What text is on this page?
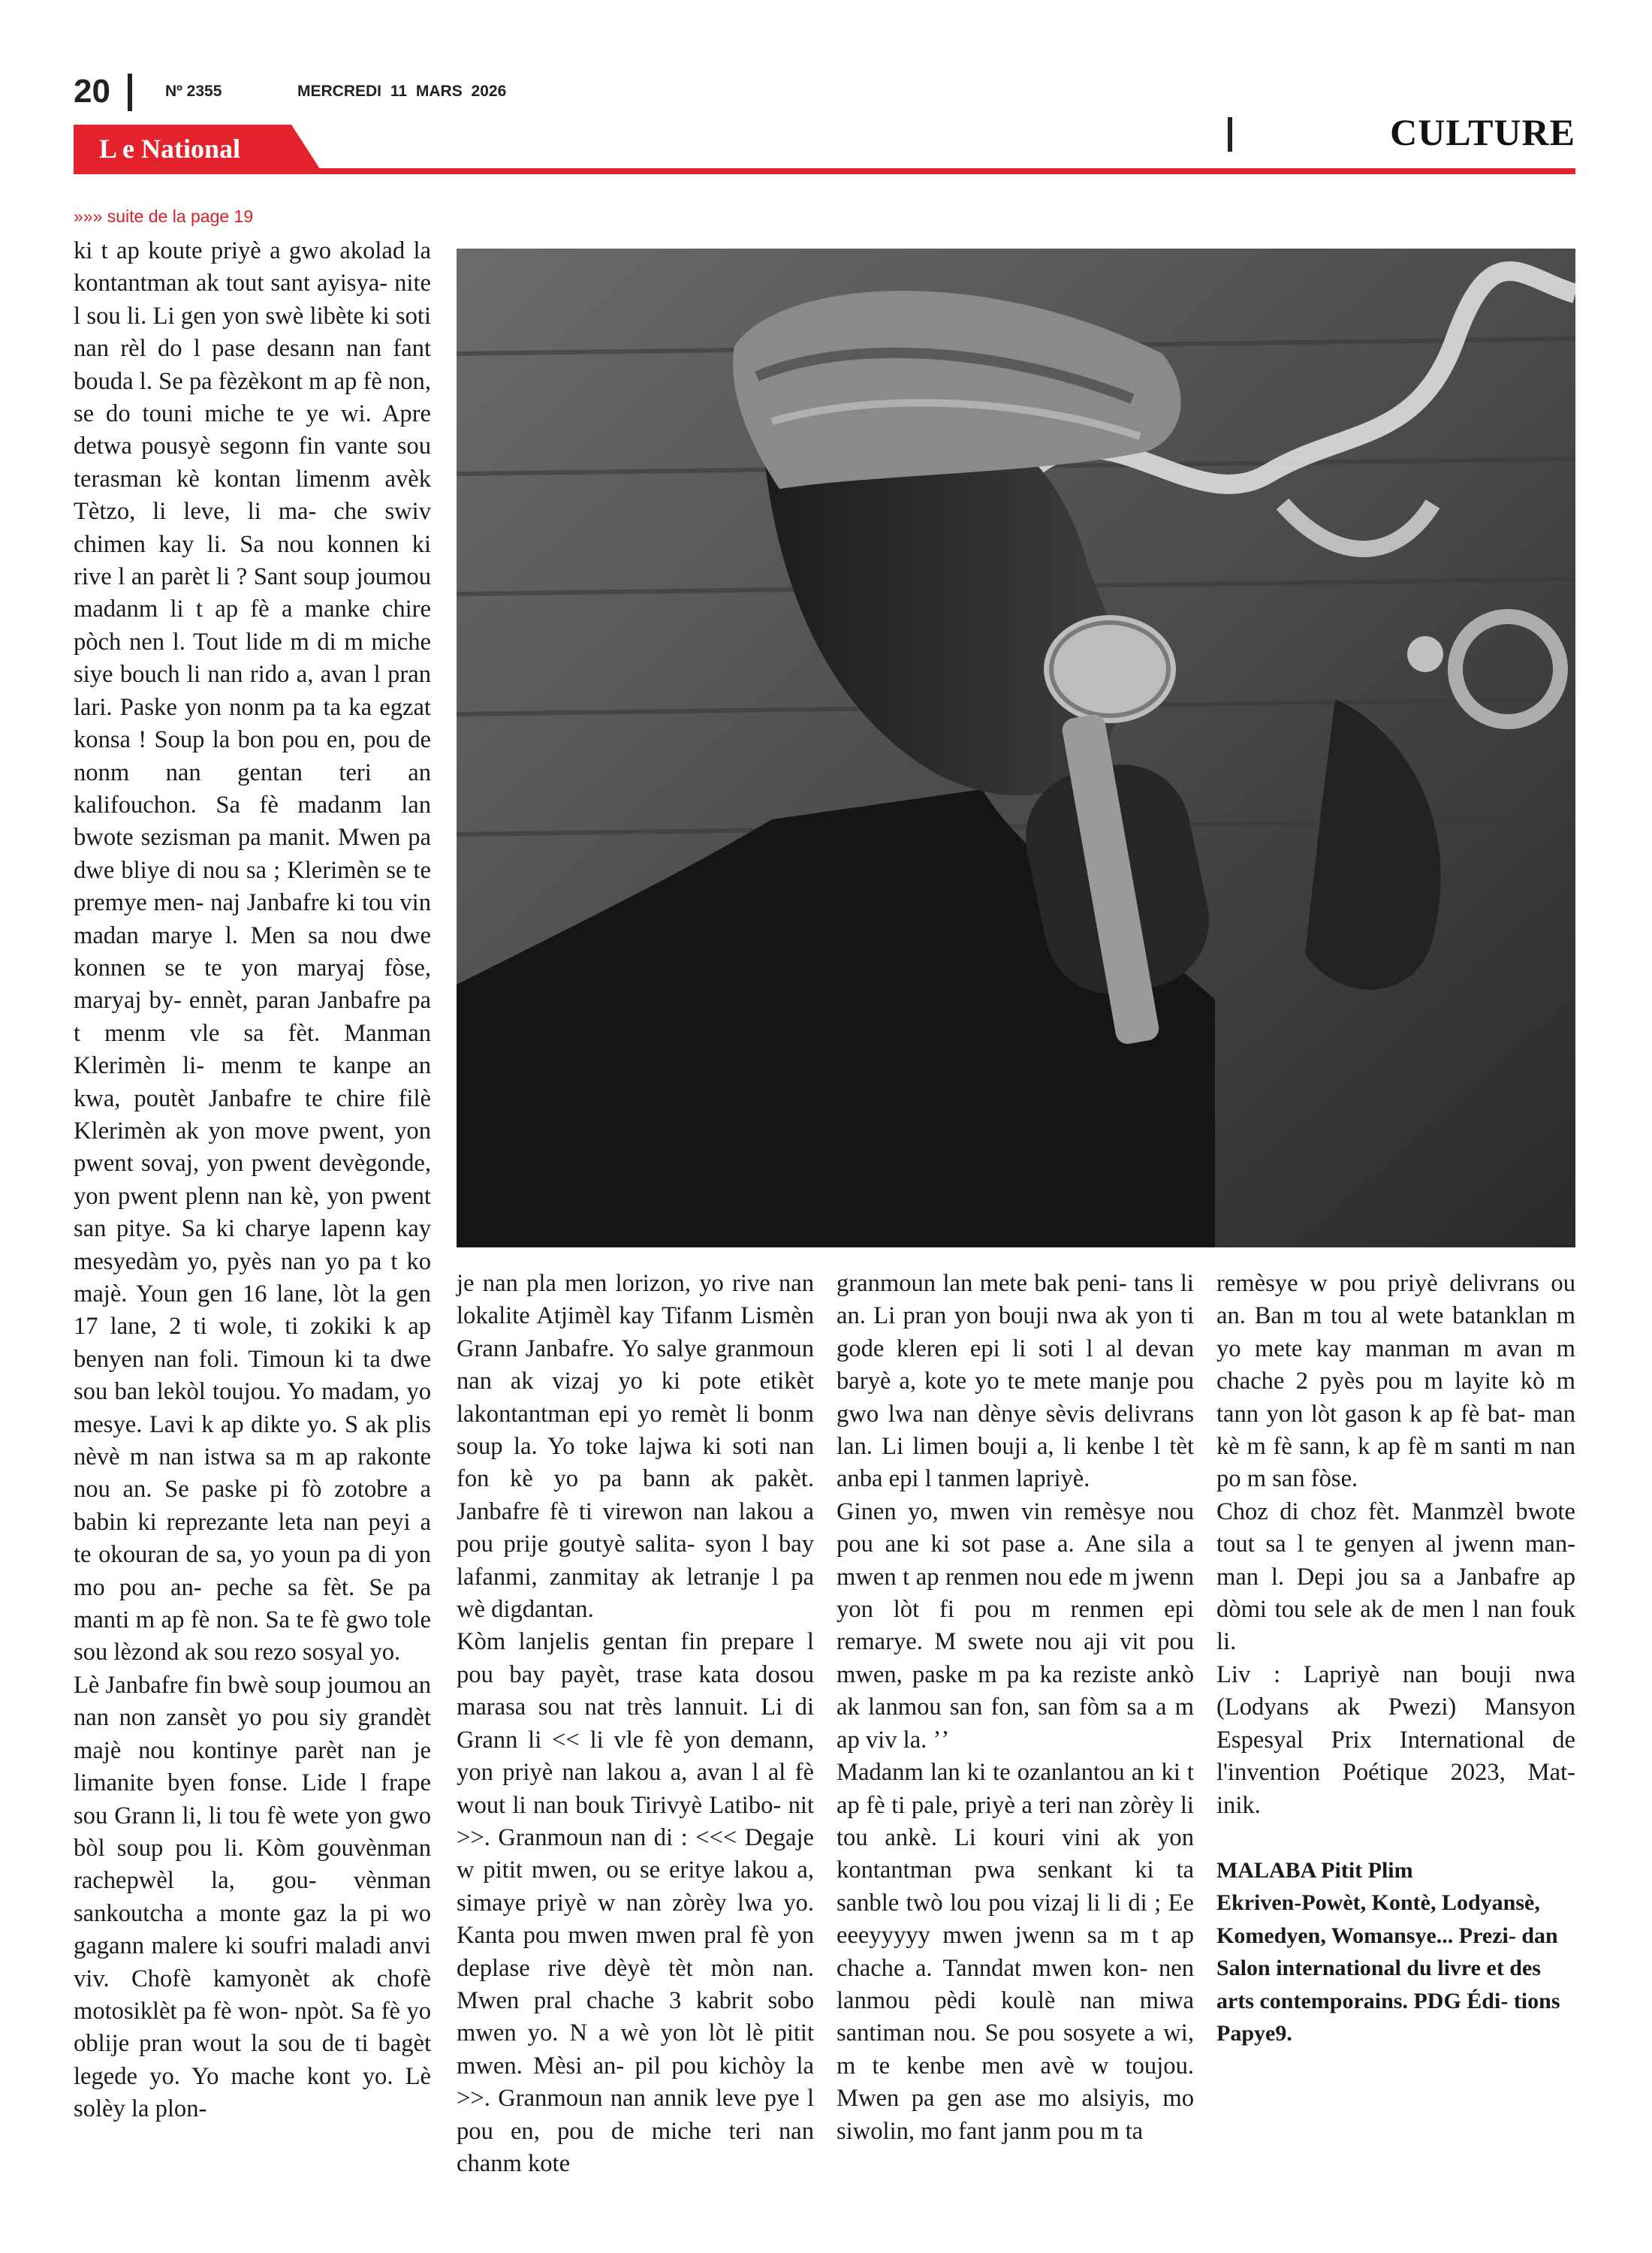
20	Nº 2355	MERCREDI 11 MARS 2026
CULTURE
L e National
»»» suite de la page 19

ki t ap koute priyè a gwo akolad la kontantman ak tout sant ayisya- nite l sou li. Li gen yon swè libète ki soti nan rèl do l pase desann nan fant bouda l. Se pa fèzèkont m ap fè non, se do touni miche te ye wi. Apre detwa pousyè segonn fin vante sou terasman kè kontan limenm avèk Tètzo, li leve, li ma- che swiv chimen kay li. Sa nou konnen ki rive l an parèt li ? Sant soup joumou madanm li t ap fè a manke chire pòch nen l. Tout lide m di m miche siye bouch li nan rido a, avan l pran lari. Paske yon nonm pa ta ka egzat konsa ! Soup la bon pou en, pou de nonm nan gentan teri an kalifouchon. Sa fè madanm lan bwote sezisman pa manit. Mwen pa dwe bliye di nou sa ; Klerimèn se te premye men- naj Janbafre ki tou vin madan marye l. Men sa nou dwe konnen se te yon maryaj fòse, maryaj by- ennèt, paran Janbafre pa t menm vle sa fèt. Manman Klerimèn li- menm te kanpe an kwa, poutèt Janbafre te chire filè Klerimèn ak yon move pwent, yon pwent sovaj, yon pwent devègonde, yon pwent plenn nan kè, yon pwent san pitye. Sa ki charye lapenn kay mesyedàm yo, pyès nan yo pa t ko majè. Youn gen 16 lane, lòt la gen 17 lane, 2 ti wole, ti zokiki k ap benyen nan foli. Timoun ki ta dwe sou ban lekòl toujou. Yo madam, yo mesye. Lavi k ap dikte yo. S ak plis nèvè m nan istwa sa m ap rakonte nou an. Se paske pi fò zotobre a babin ki reprezante leta nan peyi a te okouran de sa, yo youn pa di yon mo pou an- peche sa fèt. Se pa manti m ap fè non. Sa te fè gwo tole sou lèzond ak sou rezo sosyal yo.

Lè Janbafre fin bwè soup joumou an nan non zansèt yo pou siy grandèt majè nou kontinye parèt nan je limanite byen fonse. Lide l frape sou Grann li, li tou fè wete yon gwo bòl soup pou li. Kòm gouvènman rachepwèl la, gou- vènman sankoutcha a monte gaz la pi wo gagann malere ki soufri maladi anvi viv. Chofè kamyonèt ak chofè motosiklèt pa fè won- npòt. Sa fè yo oblije pran wout la sou de ti bagèt legede yo. Yo mache kont yo. Lè solèy la plon-

je nan pla men lorizon, yo rive nan lokalite Atjimèl kay Tifanm Lismèn Grann Janbafre. Yo salye granmoun nan ak vizaj yo ki pote etikèt lakontantman epi yo remèt li bonm soup la. Yo toke lajwa ki soti nan fon kè yo pa bann ak pakèt. Janbafre fè ti virewon nan lakou a pou prije goutyè salita- syon l bay lafanmi, zanmitay ak letranje l pa wè digdantan.

Kòm lanjelis gentan fin prepare l pou bay payèt, trase kata dosou marasa sou nat très lannuit. Li di Grann li << li vle fè yon demann, yon priyè nan lakou a, avan l al fè wout li nan bouk Tirivyè Latibo- nit >>. Granmoun nan di : <<< Degaje w pitit mwen, ou se eritye lakou a, simaye priyè w nan zòrèy lwa yo. Kanta pou mwen mwen pral fè yon deplase rive dèyè tèt mòn nan. Mwen pral chache 3 kabrit sobo mwen yo. N a wè yon lòt lè pitit mwen. Mèsi an- pil pou kichòy la >>. Granmoun nan annik leve pye l pou en, pou de miche teri nan chanm kote

granmoun lan mete bak peni- tans li an. Li pran yon bouji nwa ak yon ti gode kleren epi li soti l al devan baryè a, kote yo te mete manje pou gwo lwa nan dènye sèvis delivrans lan. Li limen bouji a, li kenbe l tèt anba epi l tanmen lapriyè.

Ginen yo, mwen vin remèsye nou pou ane ki sot pase a. Ane sila a mwen t ap renmen nou ede m jwenn yon lòt fi pou m renmen epi remarye. M swete nou aji vit pou mwen, paske m pa ka reziste ankò ak lanmou san fon, san fòm sa a m ap viv la. ʼʼ

Madanm lan ki te ozanlantou an ki t ap fè ti pale, priyè a teri nan zòrèy li tou ankè. Li kouri vini ak yon kontantman pwa senkant ki ta sanble twò lou pou vizaj li li di ; Ee eeeyyyyy mwen jwenn sa m t ap chache a. Tanndat mwen kon- nen lanmou pèdi koulè nan miwa santiman nou. Se pou sosyete a wi, m te kenbe men avè w toujou. Mwen pa gen ase mo alsiyis, mo siwolin, mo fant janm pou m ta

remèsye w pou priyè delivrans ou an. Ban m tou al wete batanklan m yo mete kay manman m avan m chache 2 pyès pou m layite kò m tann yon lòt gason k ap fè bat- man kè m fè sann, k ap fè m santi m nan po m san fòse.

Choz di choz fèt. Manmzèl bwote tout sa l te genyen al jwenn man- man l. Depi jou sa a Janbafre ap dòmi tou sele ak de men l nan fouk li.

Liv : Lapriyè nan bouji nwa (Lodyans ak Pwezi) Mansyon Espesyal Prix International de l'invention Poétique 2023, Mat- inik.

MALABA Pitit Plim
Ekriven-Powèt, Kontè, Lodyansè, Komedyen, Womansye... Prezi- dan Salon international du livre et des arts contemporains. PDG Édi- tions Papye9.
